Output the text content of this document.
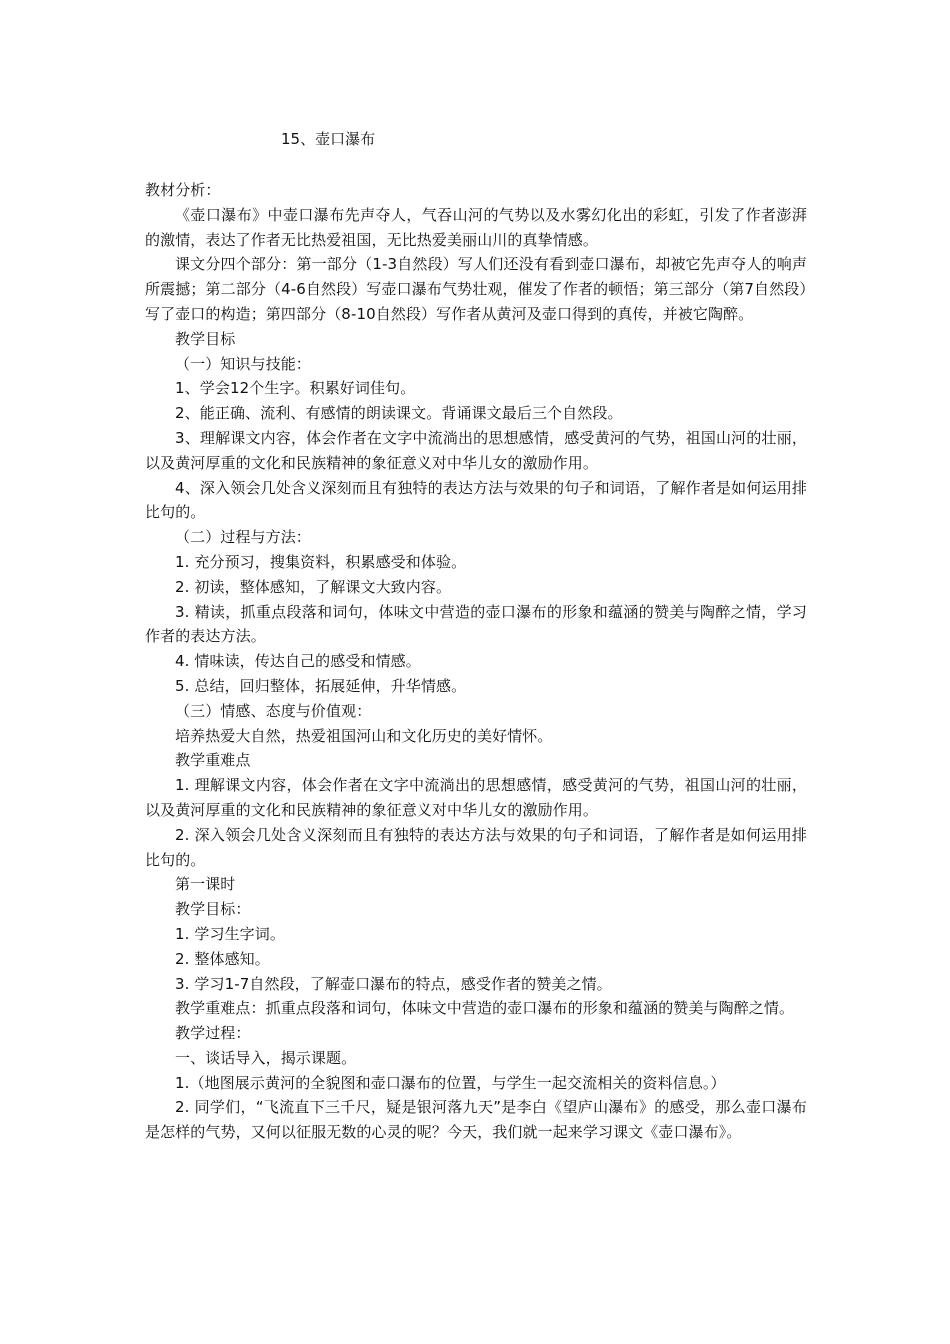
15、壶口瀑布

教材分析：

《壶口瀑布》中壶口瀑布先声夺人，气吞山河的气势以及水雾幻化出的彩虹，引发了作者澎湃的激情，表达了作者无比热爱祖国，无比热爱美丽山川的真挚情感。

课文分四个部分：第一部分（1-3自然段）写人们还没有看到壶口瀑布，却被它先声夺人的响声所震撼；第二部分（4-6自然段）写壶口瀑布气势壮观，催发了作者的顿悟；第三部分（第7自然段）写了壶口的构造；第四部分（8-10自然段）写作者从黄河及壶口得到的真传，并被它陶醉。

教学目标

（一）知识与技能：

1、学会12个生字。积累好词佳句。

2、能正确、流利、有感情的朗读课文。背诵课文最后三个自然段。

3、理解课文内容，体会作者在文字中流淌出的思想感情，感受黄河的气势，祖国山河的壮丽，以及黄河厚重的文化和民族精神的象征意义对中华儿女的激励作用。

4、深入领会几处含义深刻而且有独特的表达方法与效果的句子和词语，了解作者是如何运用排比句的。

（二）过程与方法：

1. 充分预习，搜集资料，积累感受和体验。

2. 初读，整体感知，了解课文大致内容。

3. 精读，抓重点段落和词句，体味文中营造的壶口瀑布的形象和蕴涵的赞美与陶醉之情，学习作者的表达方法。

4. 情味读，传达自己的感受和情感。

5. 总结，回归整体，拓展延伸，升华情感。

（三）情感、态度与价值观：

培养热爱大自然，热爱祖国河山和文化历史的美好情怀。

教学重难点

1. 理解课文内容，体会作者在文字中流淌出的思想感情，感受黄河的气势，祖国山河的壮丽，以及黄河厚重的文化和民族精神的象征意义对中华儿女的激励作用。

2. 深入领会几处含义深刻而且有独特的表达方法与效果的句子和词语，了解作者是如何运用排比句的。

第一课时

教学目标：

1. 学习生字词。

2. 整体感知。

3. 学习1-7自然段，了解壶口瀑布的特点，感受作者的赞美之情。

教学重难点：抓重点段落和词句，体味文中营造的壶口瀑布的形象和蕴涵的赞美与陶醉之情。

教学过程：

一、谈话导入，揭示课题。

1.（地图展示黄河的全貌图和壶口瀑布的位置，与学生一起交流相关的资料信息。）

2. 同学们，“飞流直下三千尺，疑是银河落九天”是李白《望庐山瀑布》的感受，那么壶口瀑布是怎样的气势，又何以征服无数的心灵的呢？今天，我们就一起来学习课文《壶口瀑布》。
